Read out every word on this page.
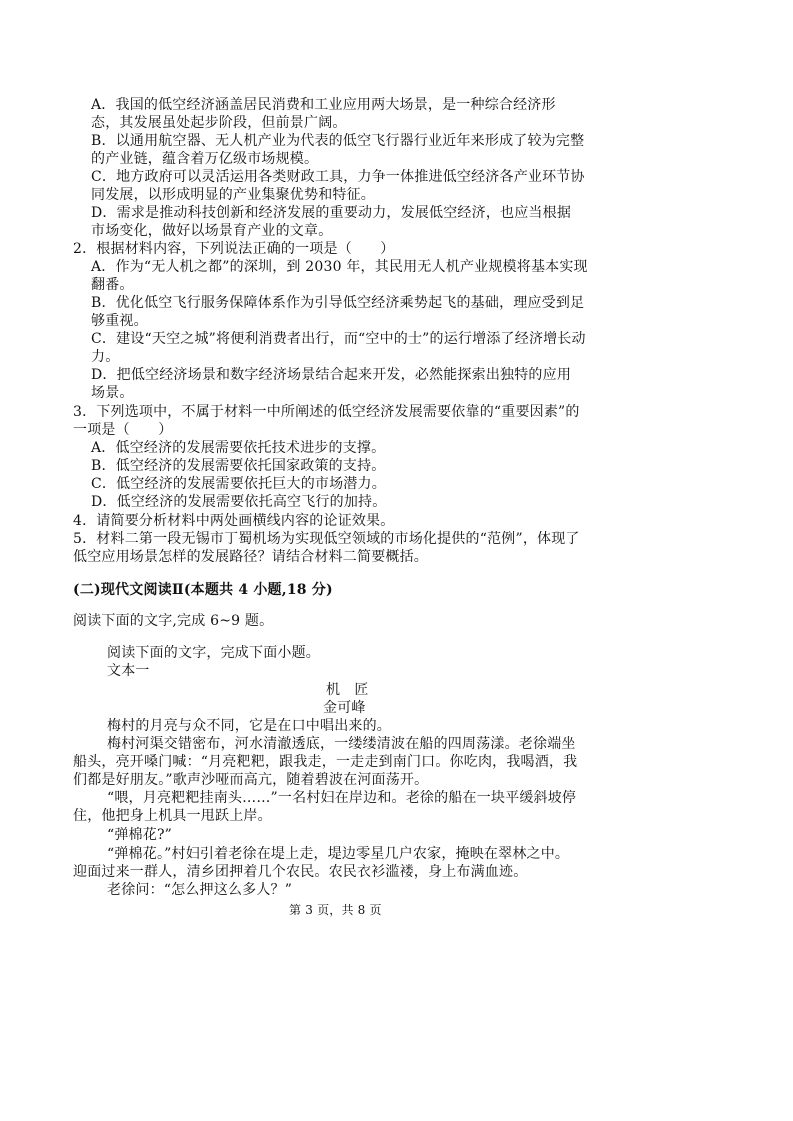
A．我国的低空经济涵盖居民消费和工业应用两大场景，是一种综合经济形
态，其发展虽处起步阶段，但前景广阔。
B．以通用航空器、无人机产业为代表的低空飞行器行业近年来形成了较为完整
的产业链，蕴含着万亿级市场规模。
C．地方政府可以灵活运用各类财政工具，力争一体推进低空经济各产业环节协
同发展，以形成明显的产业集聚优势和特征。
D．需求是推动科技创新和经济发展的重要动力，发展低空经济，也应当根据
市场变化，做好以场景育产业的文章。
2．根据材料内容，下列说法正确的一项是（　　）
A．作为“无人机之都”的深圳，到 2030 年，其民用无人机产业规模将基本实现
翻番。
B．优化低空飞行服务保障体系作为引导低空经济乘势起飞的基础，理应受到足
够重视。
C．建设“天空之城”将便利消费者出行，而“空中的士”的运行增添了经济增长动
力。
D．把低空经济场景和数字经济场景结合起来开发，必然能探索出独特的应用
场景。
3．下列选项中，不属于材料一中所阐述的低空经济发展需要依靠的“重要因素”的
一项是（　　）
A．低空经济的发展需要依托技术进步的支撑。
B．低空经济的发展需要依托国家政策的支持。
C．低空经济的发展需要依托巨大的市场潜力。
D．低空经济的发展需要依托高空飞行的加持。
4．请简要分析材料中两处画横线内容的论证效果。
5．材料二第一段无锡市丁蜀机场为实现低空领域的市场化提供的“范例”，体现了
低空应用场景怎样的发展路径？请结合材料二简要概括。
(二)现代文阅读Ⅱ(本题共 4 小题,18 分)
阅读下面的文字,完成 6~9 题。
阅读下面的文字，完成下面小题。
文本一
机　匠
金可峰
梅村的月亮与众不同，它是在口中唱出来的。
梅村河渠交错密布，河水清澈透底，一缕缕清波在船的四周荡漾。老徐端坐
船头，亮开嗓门喊：“月亮粑粑，跟我走，一走走到南门口。你吃肉，我喝酒，我
们都是好朋友。”歌声沙哑而高亢，随着碧波在河面荡开。
“喂，月亮粑粑挂南头……”一名村妇在岸边和。老徐的船在一块平缓斜坡停
住，他把身上机具一甩跃上岸。
“弹棉花?”
“弹棉花。”村妇引着老徐在堤上走，堤边零星几户农家，掩映在翠林之中。
迎面过来一群人，清乡团押着几个农民。农民衣衫滥褛，身上布满血迹。
老徐问：“怎么押这么多人？”
第 3 页，共 8 页
